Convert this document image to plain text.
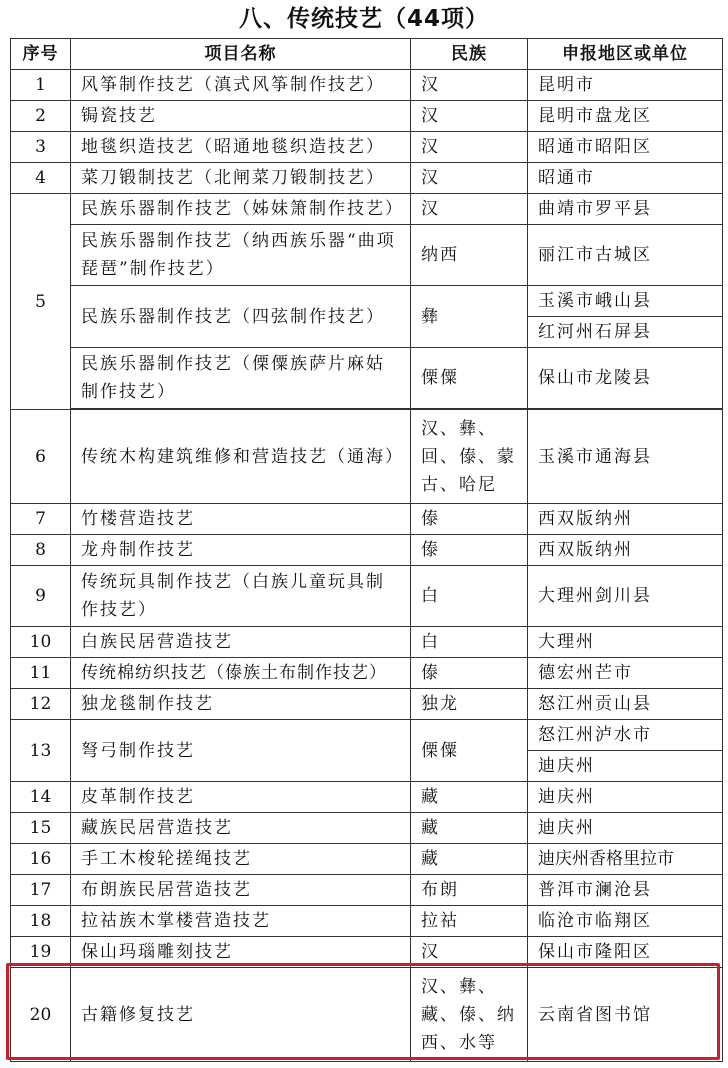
八、传统技艺（44项）
序号	项目名称	民族	申报地区或单位
1	风筝制作技艺（滇式风筝制作技艺）	汉	昆明市
2	锔瓷技艺	汉	昆明市盘龙区
3	地毯织造技艺（昭通地毯织造技艺）	汉	昭通市昭阳区
4	菜刀锻制技艺（北闸菜刀锻制技艺）	汉	昭通市
5	民族乐器制作技艺（姊妹箫制作技艺）	汉	曲靖市罗平县
	民族乐器制作技艺（纳西族乐器“曲项琵琶”制作技艺）	纳西	丽江市古城区
	民族乐器制作技艺（四弦制作技艺）	彝	玉溪市峨山县
			红河州石屏县
	民族乐器制作技艺（傈僳族萨片麻姑制作技艺）	傈僳	保山市龙陵县

6	传统木构建筑维修和营造技艺（通海）	汉、彝、回、傣、蒙古、哈尼	玉溪市通海县
7	竹楼营造技艺	傣	西双版纳州
8	龙舟制作技艺	傣	西双版纳州
9	传统玩具制作技艺（白族儿童玩具制作技艺）	白	大理州剑川县
10	白族民居营造技艺	白	大理州
11	传统棉纺织技艺（傣族土布制作技艺）	傣	德宏州芒市
12	独龙毯制作技艺	独龙	怒江州贡山县
13	弩弓制作技艺	傈僳	怒江州泸水市
			迪庆州
14	皮革制作技艺	藏	迪庆州
15	藏族民居营造技艺	藏	迪庆州
16	手工木梭轮搓绳技艺	藏	迪庆州香格里拉市
17	布朗族民居营造技艺	布朗	普洱市澜沧县
18	拉祜族木掌楼营造技艺	拉祜	临沧市临翔区
19	保山玛瑙雕刻技艺	汉	保山市隆阳区
20	古籍修复技艺	汉、彝、藏、傣、纳西、水等	云南省图书馆
